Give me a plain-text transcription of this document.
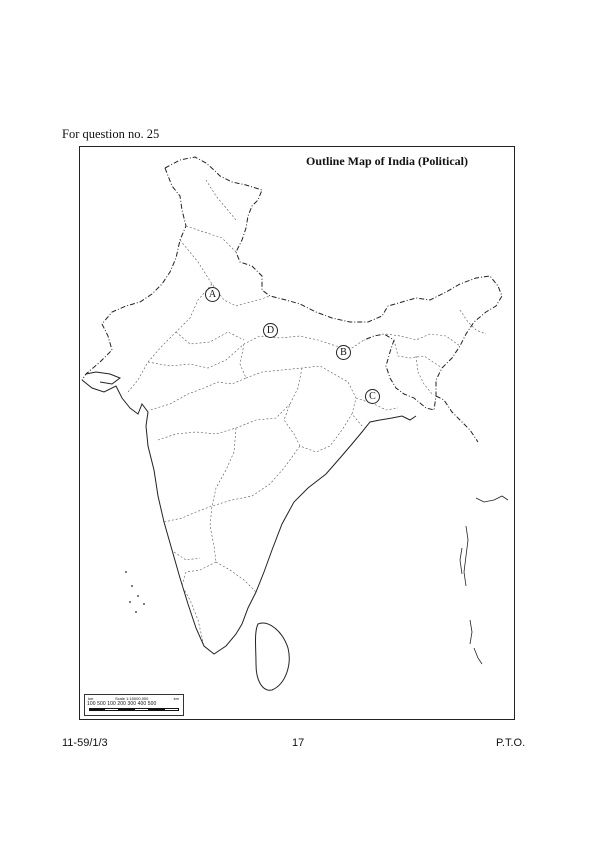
For question no. 25
Outline Map of India (Political)
A
B
C
D
km	Scale 1:15000,000	km
100 500 100 200 300 400 500
11-59/1/3	17	P.T.O.
